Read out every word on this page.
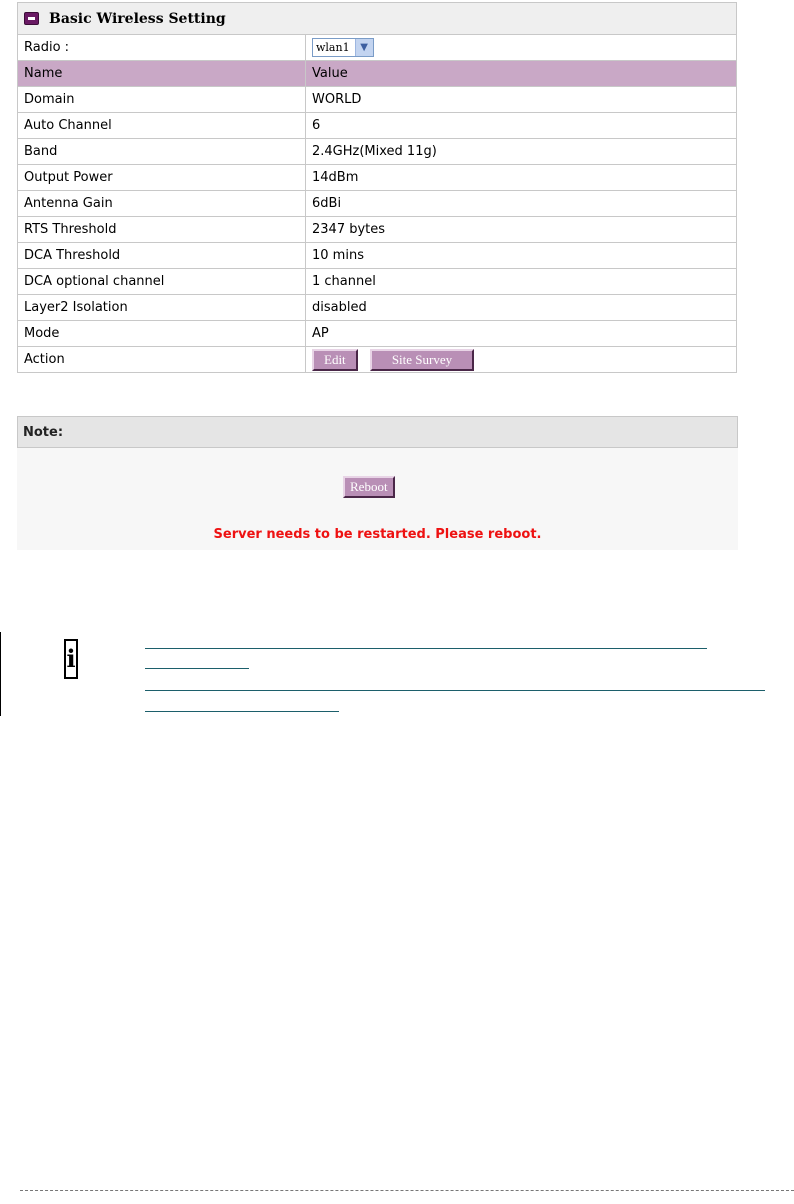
Basic Wireless Setting
Radio :	wlan1 ▼

Name	Value
Domain	WORLD
Auto Channel	6
Band	2.4GHz(Mixed 11g)
Output Power	14dBm
Antenna Gain	6dBi
RTS Threshold	2347 bytes
DCA Threshold	10 mins
DCA optional channel	1 channel
Layer2 Isolation	disabled
Mode	AP
Action	Edit Site Survey
Note:
Reboot
Server needs to be restarted. Please reboot.
i
